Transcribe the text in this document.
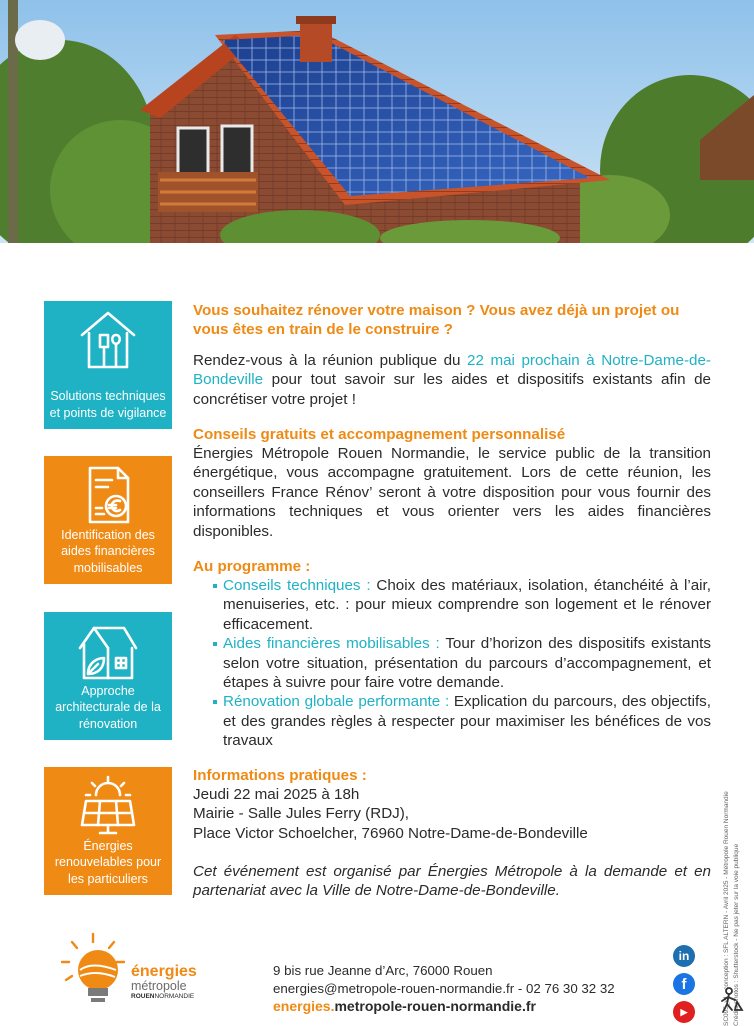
Solutions techniques et points de vigilance
Identification des aides financières mobilisables
Approche architecturale de la rénovation
Énergies renouvelables pour les particuliers
Vous souhaitez rénover votre maison ? Vous avez déjà un projet ou vous êtes en train de le construire ?
Rendez-vous à la réunion publique du 22 mai prochain à Notre-Dame-de-Bondeville pour tout savoir sur les aides et dispositifs existants afin de concrétiser votre projet !
Conseils gratuits et accompagnement personnalisé
Énergies Métropole Rouen Normandie, le service public de la transition énergétique, vous accompagne gratuitement. Lors de cette réunion, les conseillers France Rénov’ seront à votre disposition pour vous fournir des informations techniques et vous orienter vers les aides financières disponibles.
Au programme :
Conseils techniques : Choix des matériaux, isolation, étanchéité à l’air, menuiseries, etc. : pour mieux comprendre son logement et le rénover efficacement.
Aides financières mobilisables : Tour d’horizon des dispositifs existants selon votre situation, présentation du parcours d’accompagnement, et étapes à suivre pour faire votre demande.
Rénovation globale performante : Explication du parcours, des objectifs, et des grandes règles à respecter pour maximiser les bénéfices de vos travaux
Informations pratiques :
Jeudi 22 mai 2025 à 18h
Mairie - Salle Jules Ferry (RDJ),
Place Victor Schoelcher, 76960 Notre-Dame-de-Bondeville
Cet événement est organisé par Énergies Métropole à la demande et en partenariat avec la Ville de Notre-Dame-de-Bondeville.	SC095_v1 - conception : SFL ALTERN - Avril 2025 - Métropole Rouen Normandie Crédits photos : Shutterstock - Ne pas jeter sur la voie publique
énergies
métropole
ROUENNORMANDIE
9 bis rue Jeanne d’Arc, 76000 Rouen
energies@metropole-rouen-normandie.fr - 02 76 30 32 32
energies.metropole-rouen-normandie.fr
in
f
▶
